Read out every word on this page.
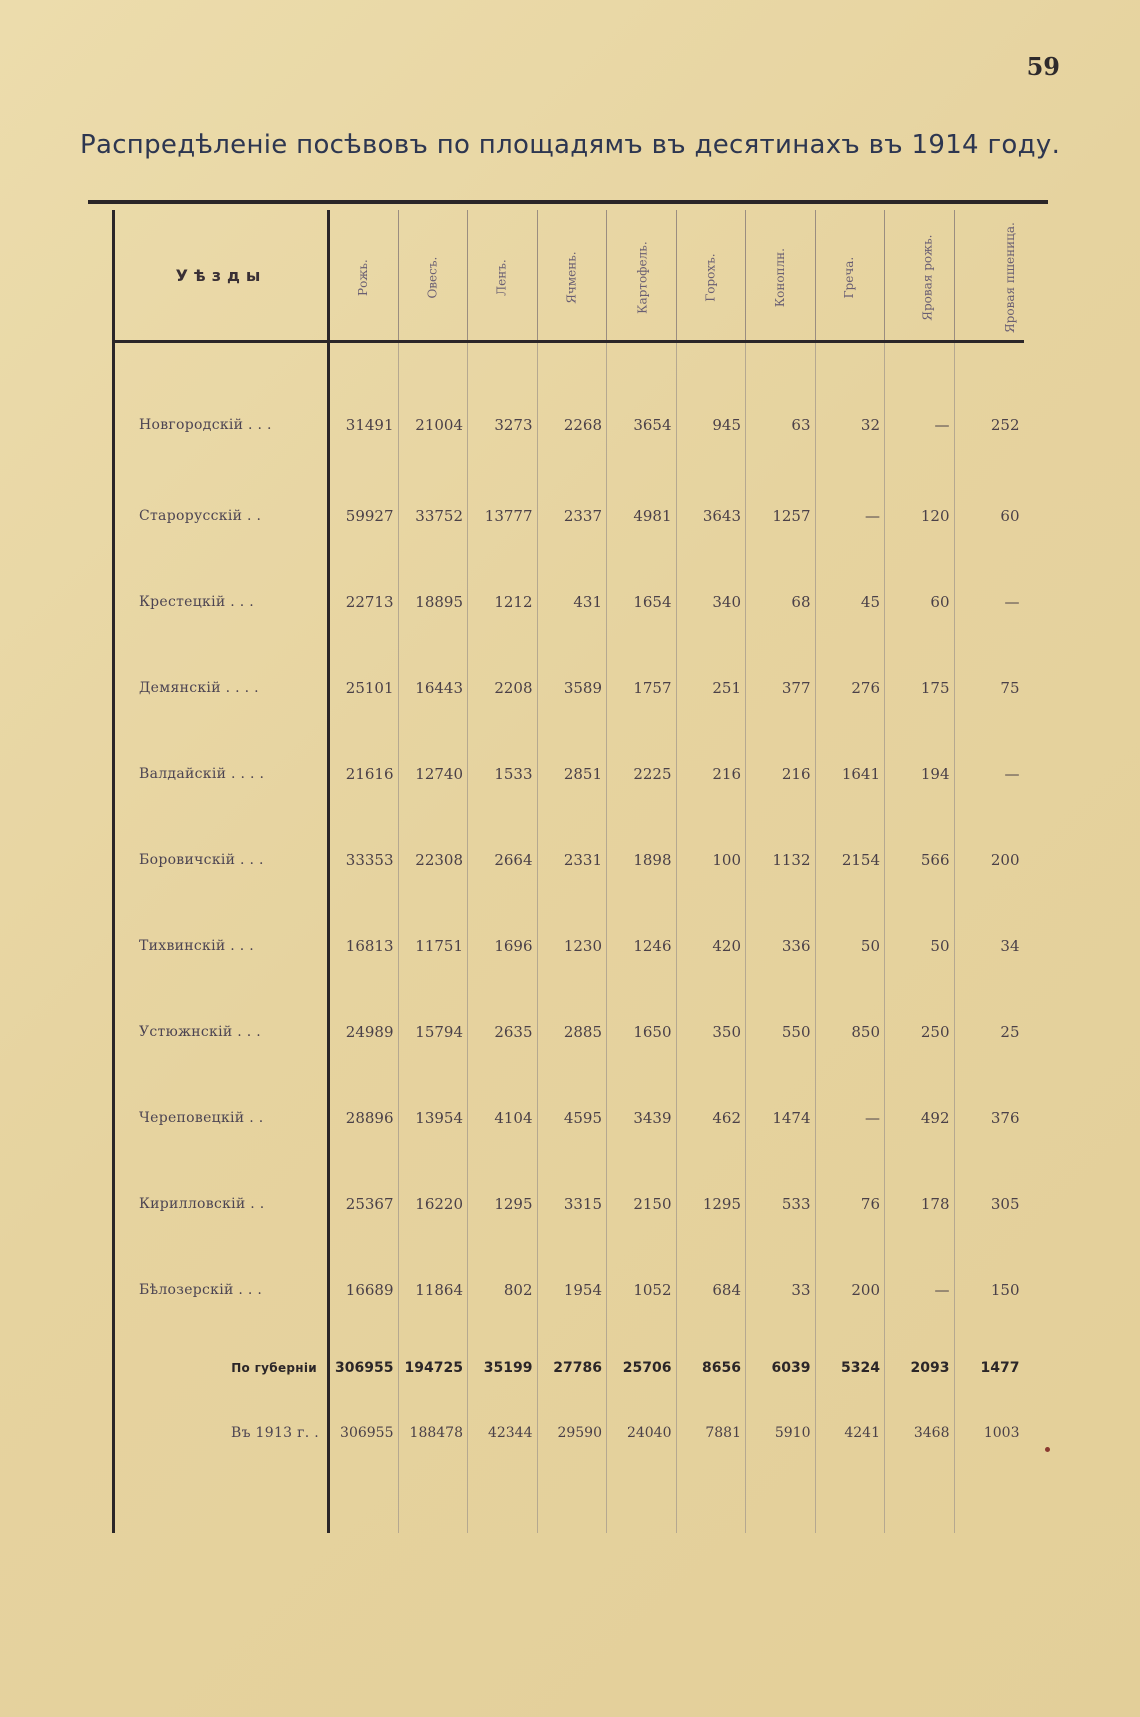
59
Распредѣленіе посѣвовъ по площадямъ въ десятинахъ въ 1914 году.
Уѣзды	Рожь.	Овесъ.	Ленъ.	Ячмень.	Картофель.	Горохъ.	Коноплн.	Греча.	Яровая рожь.	Яровая пшеница.
Новгородскій . . .	31491	21004	3273	2268	3654	945	63	32	—	252
Старорусскій . .	59927	33752	13777	2337	4981	3643	1257	—	120	60
Крестецкій . . .	22713	18895	1212	431	1654	340	68	45	60	—
Демянскій . . . .	25101	16443	2208	3589	1757	251	377	276	175	75
Валдайскій . . . .	21616	12740	1533	2851	2225	216	216	1641	194	—
Боровичскій . . .	33353	22308	2664	2331	1898	100	1132	2154	566	200
Тихвинскій . . .	16813	11751	1696	1230	1246	420	336	50	50	34
Устюжнскій . . .	24989	15794	2635	2885	1650	350	550	850	250	25
Череповецкій . .	28896	13954	4104	4595	3439	462	1474	—	492	376
Кирилловскій . .	25367	16220	1295	3315	2150	1295	533	76	178	305
Бѣлозерскій . . .	16689	11864	802	1954	1052	684	33	200	—	150
По губерніи	306955	194725	35199	27786	25706	8656	6039	5324	2093	1477
Въ 1913 г. .	306955	188478	42344	29590	24040	7881	5910	4241	3468	1003
